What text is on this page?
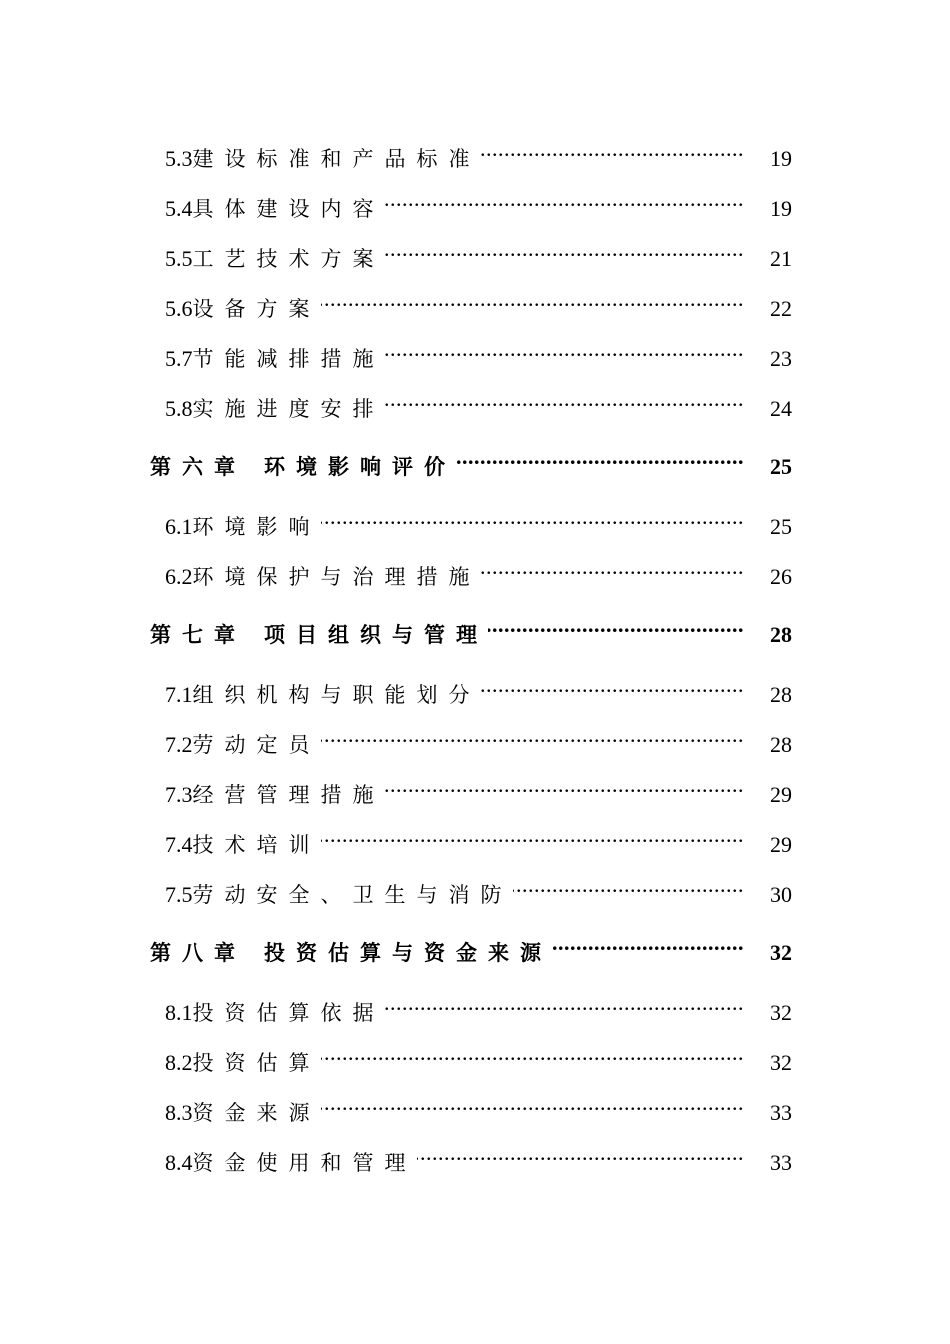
5.3 建设标准和产品标准 .....	19
5.4 具体建设内容 .....	19
5.5 工艺技术方案 .....	21
5.6 设备方案 .....	22
5.7 节能减排措施 .....	23
5.8 实施进度安排 .....	24
第六章 环境影响评价 .....	25
6.1 环境影响 .....	25
6.2 环境保护与治理措施 .....	26
第七章 项目组织与管理 .....	28
7.1 组织机构与职能划分 .....	28
7.2 劳动定员 .....	28
7.3 经营管理措施 .....	29
7.4 技术培训 .....	29
7.5 劳动安全、卫生与消防 .....	30
第八章 投资估算与资金来源 .....	32
8.1 投资估算依据 .....	32
8.2 投资估算 .....	32
8.3 资金来源 .....	33
8.4 资金使用和管理 .....	33
